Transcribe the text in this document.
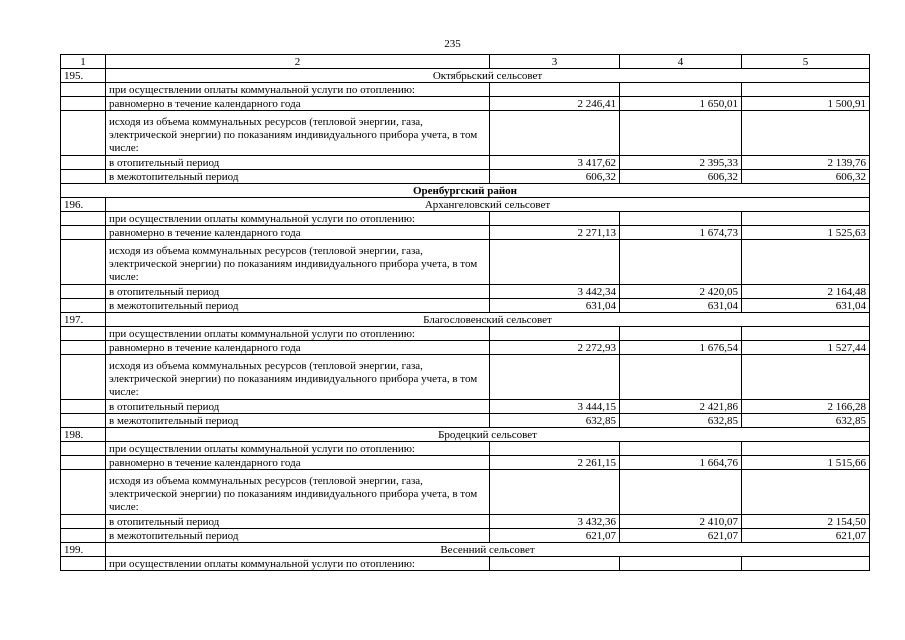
235
1	2	3	4	5
195.	Октябрьский сельсовет			
	при осуществлении оплаты коммунальной услуги по отоплению:			
	равномерно в течение календарного года	2 246,41	1 650,01	1 500,91
	исходя из объема коммунальных ресурсов (тепловой энергии, газа, электрической энергии) по показаниям индивидуального прибора учета, в том числе:			
	в отопительный период	3 417,62	2 395,33	2 139,76
	в межотопительный период	606,32	606,32	606,32
Оренбургский район				
196.	Архангеловский сельсовет			
	при осуществлении оплаты коммунальной услуги по отоплению:			
	равномерно в течение календарного года	2 271,13	1 674,73	1 525,63
	исходя из объема коммунальных ресурсов (тепловой энергии, газа, электрической энергии) по показаниям индивидуального прибора учета, в том числе:			
	в отопительный период	3 442,34	2 420,05	2 164,48
	в межотопительный период	631,04	631,04	631,04
197.	Благословенский сельсовет			
	при осуществлении оплаты коммунальной услуги по отоплению:			
	равномерно в течение календарного года	2 272,93	1 676,54	1 527,44
	исходя из объема коммунальных ресурсов (тепловой энергии, газа, электрической энергии) по показаниям индивидуального прибора учета, в том числе:			
	в отопительный период	3 444,15	2 421,86	2 166,28
	в межотопительный период	632,85	632,85	632,85
198.	Бродецкий сельсовет			
	при осуществлении оплаты коммунальной услуги по отоплению:			
	равномерно в течение календарного года	2 261,15	1 664,76	1 515,66
	исходя из объема коммунальных ресурсов (тепловой энергии, газа, электрической энергии) по показаниям индивидуального прибора учета, в том числе:			
	в отопительный период	3 432,36	2 410,07	2 154,50
	в межотопительный период	621,07	621,07	621,07
199.	Весенний сельсовет			
	при осуществлении оплаты коммунальной услуги по отоплению:			
